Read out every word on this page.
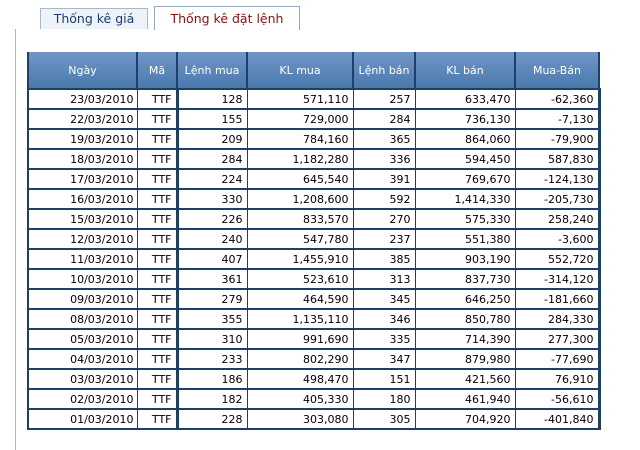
Thống kê giá	Thống kê đặt lệnh
Ngày	Mã	Lệnh mua	KL mua	Lệnh bán	KL bán	Mua-Bán
23/03/2010	TTF	128	571,110	257	633,470	-62,360
22/03/2010	TTF	155	729,000	284	736,130	-7,130
19/03/2010	TTF	209	784,160	365	864,060	-79,900
18/03/2010	TTF	284	1,182,280	336	594,450	587,830
17/03/2010	TTF	224	645,540	391	769,670	-124,130
16/03/2010	TTF	330	1,208,600	592	1,414,330	-205,730
15/03/2010	TTF	226	833,570	270	575,330	258,240
12/03/2010	TTF	240	547,780	237	551,380	-3,600
11/03/2010	TTF	407	1,455,910	385	903,190	552,720
10/03/2010	TTF	361	523,610	313	837,730	-314,120
09/03/2010	TTF	279	464,590	345	646,250	-181,660
08/03/2010	TTF	355	1,135,110	346	850,780	284,330
05/03/2010	TTF	310	991,690	335	714,390	277,300
04/03/2010	TTF	233	802,290	347	879,980	-77,690
03/03/2010	TTF	186	498,470	151	421,560	76,910
02/03/2010	TTF	182	405,330	180	461,940	-56,610
01/03/2010	TTF	228	303,080	305	704,920	-401,840
